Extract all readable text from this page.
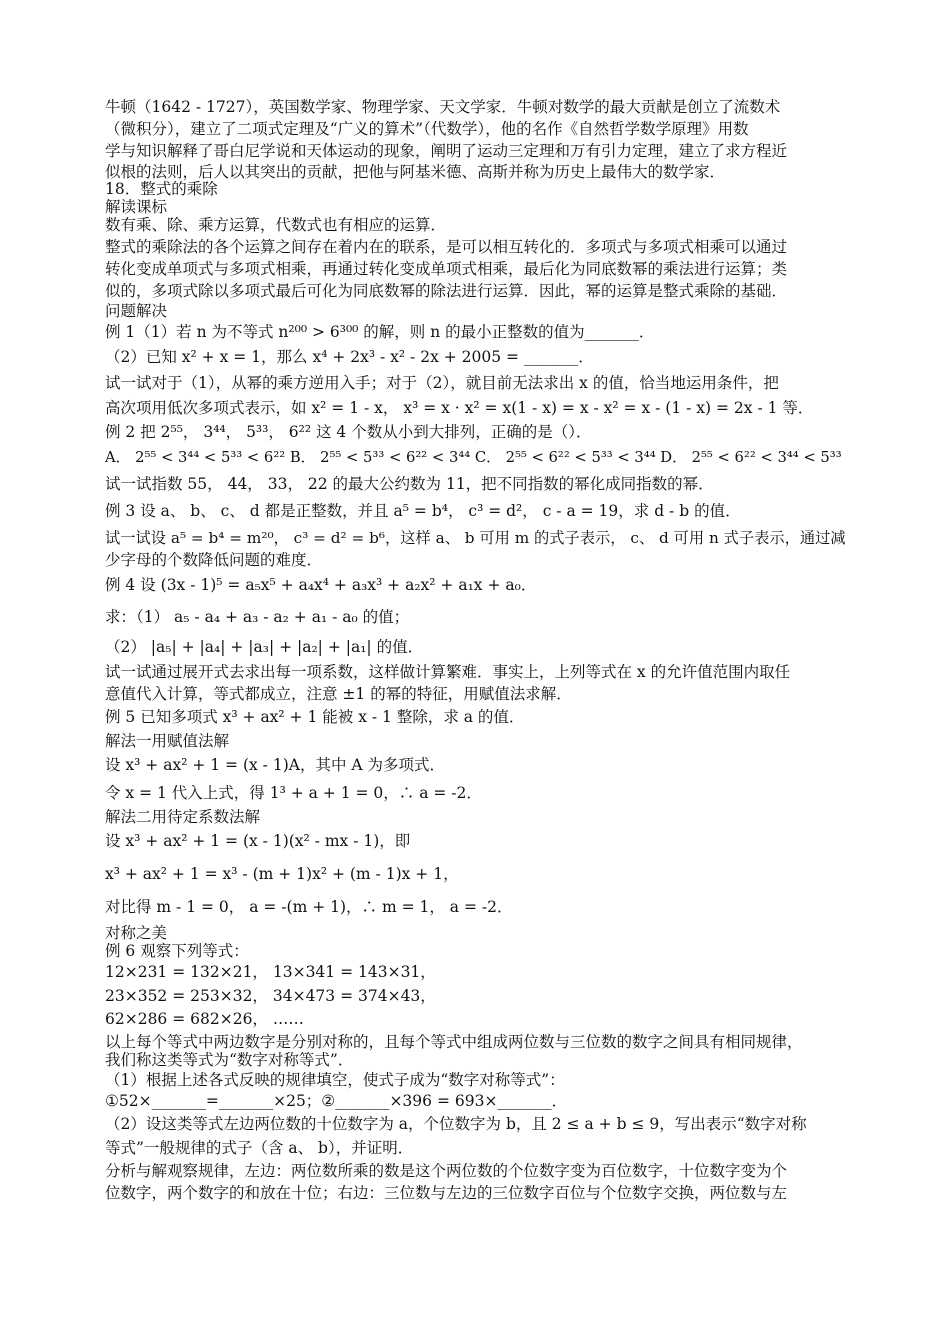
牛顿（1642 - 1727），英国数学家、物理学家、天文学家．牛顿对数学的最大贡献是创立了流数术
（微积分），建立了二项式定理及“广义的算术”（代数学），他的名作《自然哲学数学原理》用数
学与知识解释了哥白尼学说和天体运动的现象，阐明了运动三定理和万有引力定理，建立了求方程近
似根的法则，后人以其突出的贡献，把他与阿基米德、高斯并称为历史上最伟大的数学家．
18．整式的乘除
解读课标
数有乘、除、乘方运算，代数式也有相应的运算．
整式的乘除法的各个运算之间存在着内在的联系，是可以相互转化的．多项式与多项式相乘可以通过
转化变成单项式与多项式相乘，再通过转化变成单项式相乘，最后化为同底数幂的乘法进行运算；类
似的，多项式除以多项式最后可化为同底数幂的除法进行运算．因此，幂的运算是整式乘除的基础．
问题解决
例 1（1）若 n 为不等式 n²⁰⁰ > 6³⁰⁰ 的解，则 n 的最小正整数的值为_______．
（2）已知 x² + x = 1，那么 x⁴ + 2x³ - x² - 2x + 2005 = _______．
试一试对于（1），从幂的乘方逆用入手；对于（2），就目前无法求出 x 的值，恰当地运用条件，把
高次项用低次多项式表示，如 x² = 1 - x， x³ = x · x² = x(1 - x) = x - x² = x - (1 - x) = 2x - 1 等．
例 2 把 2⁵⁵， 3⁴⁴， 5³³， 6²² 这 4 个数从小到大排列，正确的是（）．
A． 2⁵⁵ < 3⁴⁴ < 5³³ < 6²² B． 2⁵⁵ < 5³³ < 6²² < 3⁴⁴ C． 2⁵⁵ < 6²² < 5³³ < 3⁴⁴ D． 2⁵⁵ < 6²² < 3⁴⁴ < 5³³
试一试指数 55， 44， 33， 22 的最大公约数为 11，把不同指数的幂化成同指数的幂．
例 3 设 a、 b、 c、 d 都是正整数，并且 a⁵ = b⁴， c³ = d²， c - a = 19，求 d - b 的值．
试一试设 a⁵ = b⁴ = m²⁰， c³ = d² = b⁶，这样 a、 b 可用 m 的式子表示， c、 d 可用 n 式子表示，通过减
少字母的个数降低问题的难度．
例 4 设 (3x - 1)⁵ = a₅x⁵ + a₄x⁴ + a₃x³ + a₂x² + a₁x + a₀．
求：（1） a₅ - a₄ + a₃ - a₂ + a₁ - a₀ 的值；
（2） |a₅| + |a₄| + |a₃| + |a₂| + |a₁| 的值．
试一试通过展开式去求出每一项系数，这样做计算繁难．事实上，上列等式在 x 的允许值范围内取任
意值代入计算，等式都成立，注意 ±1 的幂的特征，用赋值法求解．
例 5 已知多项式 x³ + ax² + 1 能被 x - 1 整除，求 a 的值．
解法一用赋值法解
设 x³ + ax² + 1 = (x - 1)A，其中 A 为多项式．
令 x = 1 代入上式，得 1³ + a + 1 = 0，∴ a = -2．
解法二用待定系数法解
设 x³ + ax² + 1 = (x - 1)(x² - mx - 1)，即
x³ + ax² + 1 = x³ - (m + 1)x² + (m - 1)x + 1，
对比得 m - 1 = 0， a = -(m + 1)，∴ m = 1， a = -2．
对称之美
例 6 观察下列等式：
12×231 = 132×21， 13×341 = 143×31，
23×352 = 253×32， 34×473 = 374×43，
62×286 = 682×26， ……
以上每个等式中两边数字是分别对称的，且每个等式中组成两位数与三位数的数字之间具有相同规律，
我们称这类等式为“数字对称等式”．
（1）根据上述各式反映的规律填空，使式子成为“数字对称等式”：
①52×_______=_______×25；②_______×396 = 693×_______．
（2）设这类等式左边两位数的十位数字为 a，个位数字为 b，且 2 ≤ a + b ≤ 9，写出表示“数字对称
等式”一般规律的式子（含 a、 b），并证明．
分析与解观察规律，左边：两位数所乘的数是这个两位数的个位数字变为百位数字，十位数字变为个
位数字，两个数字的和放在十位；右边：三位数与左边的三位数字百位与个位数字交换，两位数与左
